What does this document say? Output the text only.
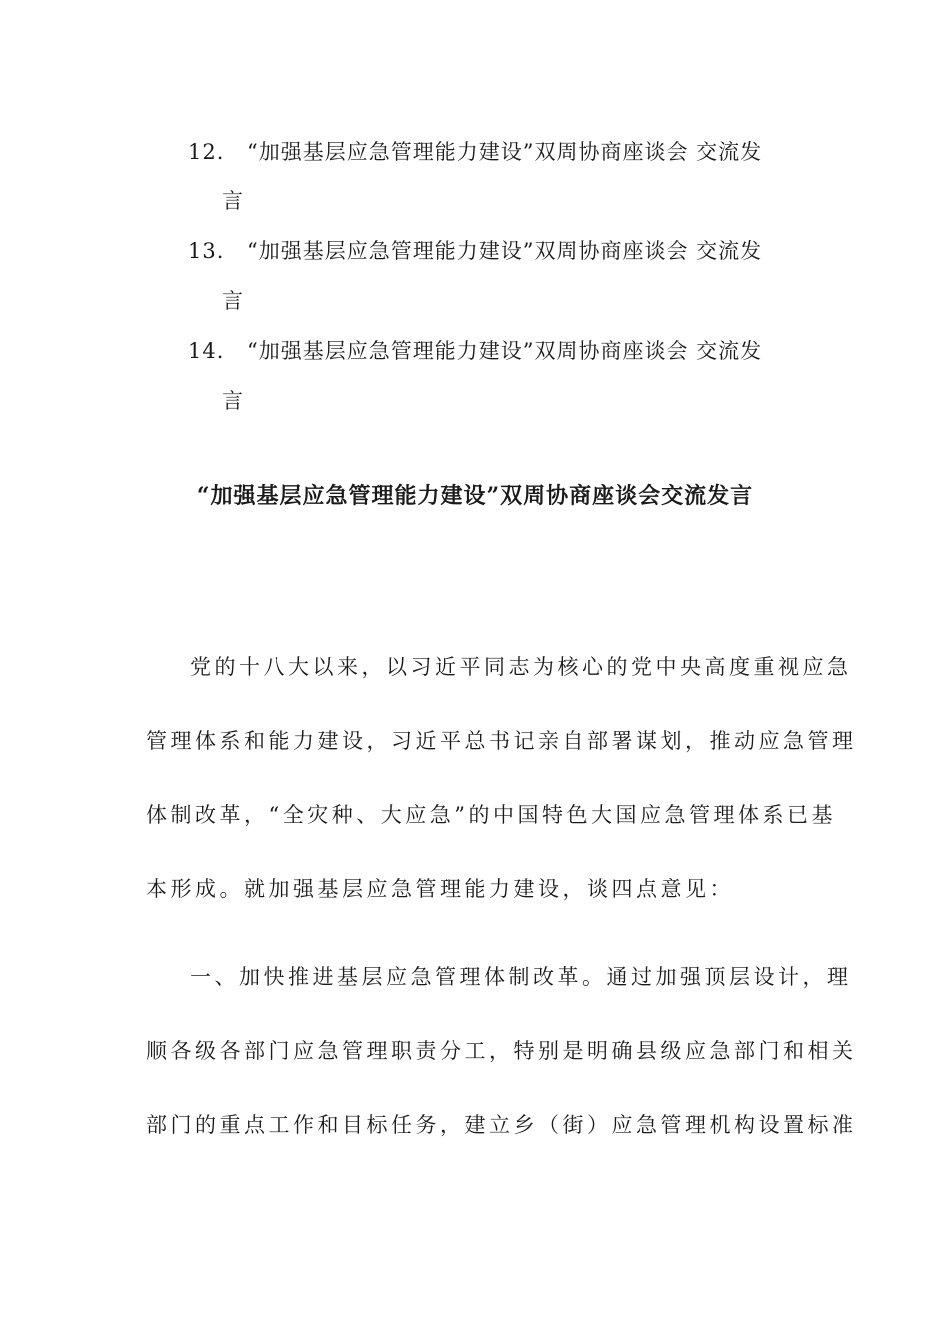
12. “加强基层应急管理能力建设”双周协商座谈会 交流发
言
13. “加强基层应急管理能力建设”双周协商座谈会 交流发
言
14. “加强基层应急管理能力建设”双周协商座谈会 交流发
言
“加强基层应急管理能力建设”双周协商座谈会交流发言
党的十八大以来，以习近平同志为核心的党中央高度重视应急
管理体系和能力建设，习近平总书记亲自部署谋划，推动应急管理
体制改革，“全灾种、大应急”的中国特色大国应急管理体系已基
本形成。就加强基层应急管理能力建设，谈四点意见：
一、加快推进基层应急管理体制改革。通过加强顶层设计，理
顺各级各部门应急管理职责分工，特别是明确县级应急部门和相关
部门的重点工作和目标任务，建立乡（街）应急管理机构设置标准
